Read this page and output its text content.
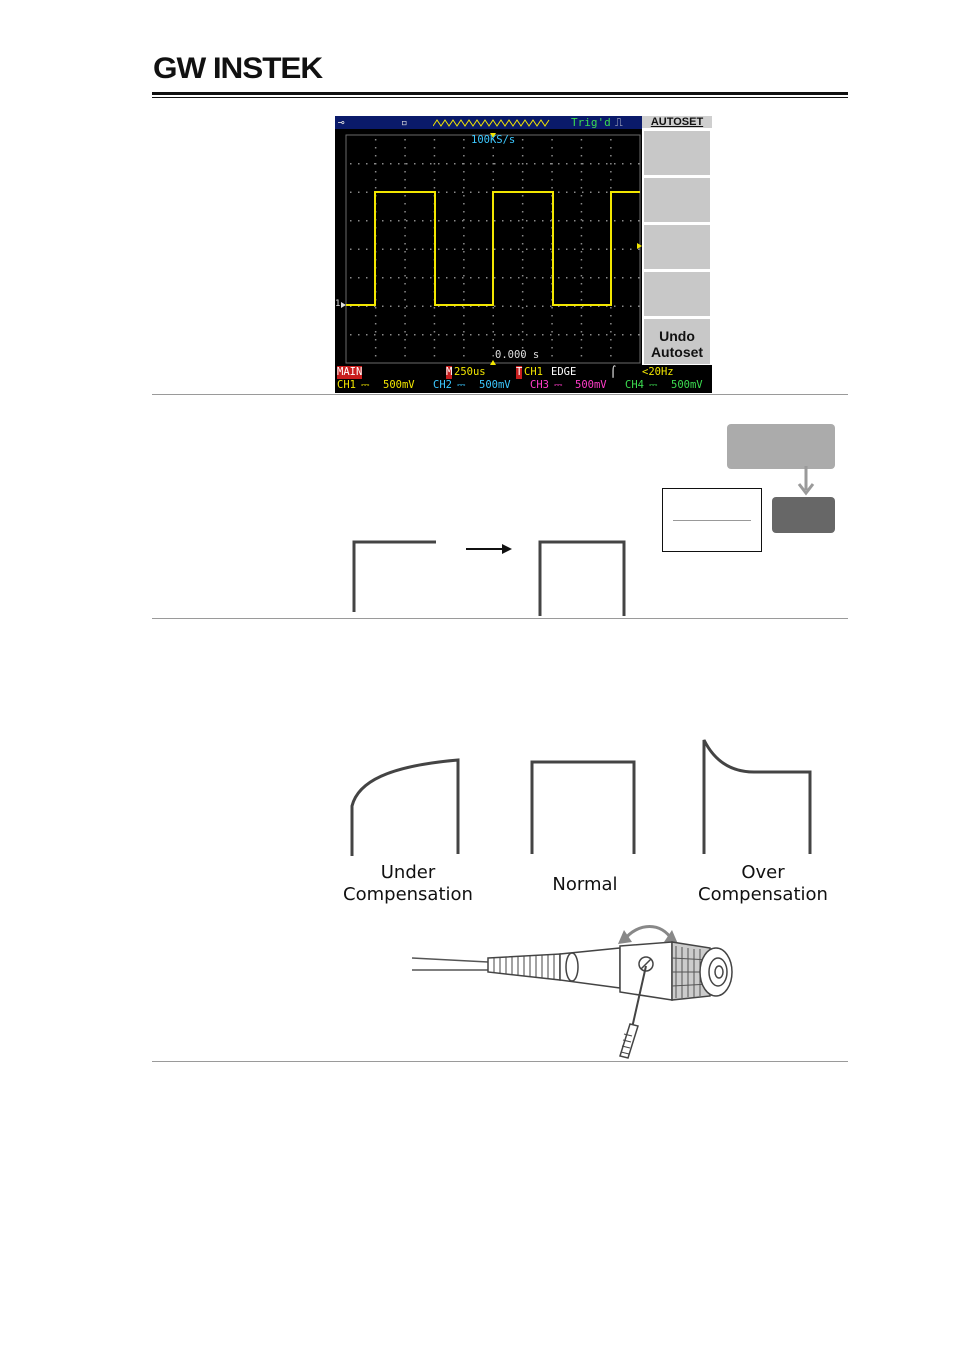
GW INSTEK
⊸	▫	Trig'd ⎍
1
100KS/s
0.000 s
AUTOSET
Undo
Autoset
MAIN	M 250us	T CH1 EDGE	⌠ <20Hz
CH1 ⎓ 500mV CH2 ⎓ 500mV CH3 ⎓ 500mV CH4 ⎓ 500mV
Under
Compensation	Normal
Over
Compensation
